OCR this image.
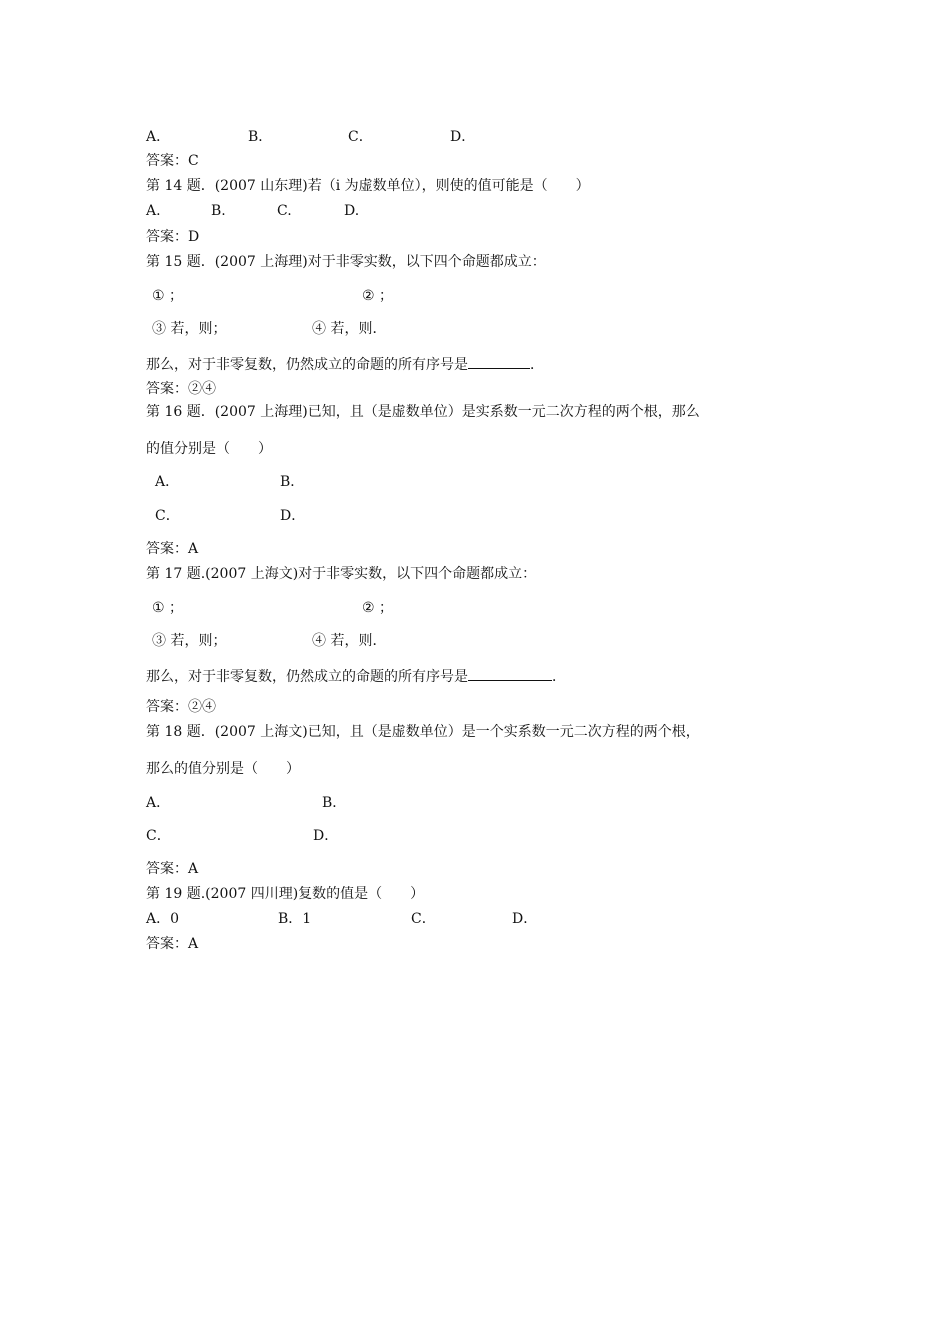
A．	B．	C．	D．
答案：C
第 14 题．(2007 山东理)若（i 为虚数单位），则使的值可能是（　　）
A.	B.	C.	D.
答案：D
第 15 题．(2007 上海理)对于非零实数，以下四个命题都成立：
① ；	② ；
③ 若，则；	④ 若，则．
那么，对于非零复数，仍然成立的命题的所有序号是	．
答案：②④
第 16 题．(2007 上海理)已知，且（是虚数单位）是实系数一元二次方程的两个根，那么
的值分别是（　　）
A．	B．
C．	D．
答案：A
第 17 题.(2007 上海文)对于非零实数，以下四个命题都成立：
① ；	② ；
③ 若，则；	④ 若，则．
那么，对于非零复数，仍然成立的命题的所有序号是	．
答案：②④
第 18 题．(2007 上海文)已知，且（是虚数单位）是一个实系数一元二次方程的两个根，
那么的值分别是（　　）
A．	B．
C．	D．
答案：A
第 19 题.(2007 四川理)复数的值是（　　）
A．0	B．1	C．	D．
答案：A
